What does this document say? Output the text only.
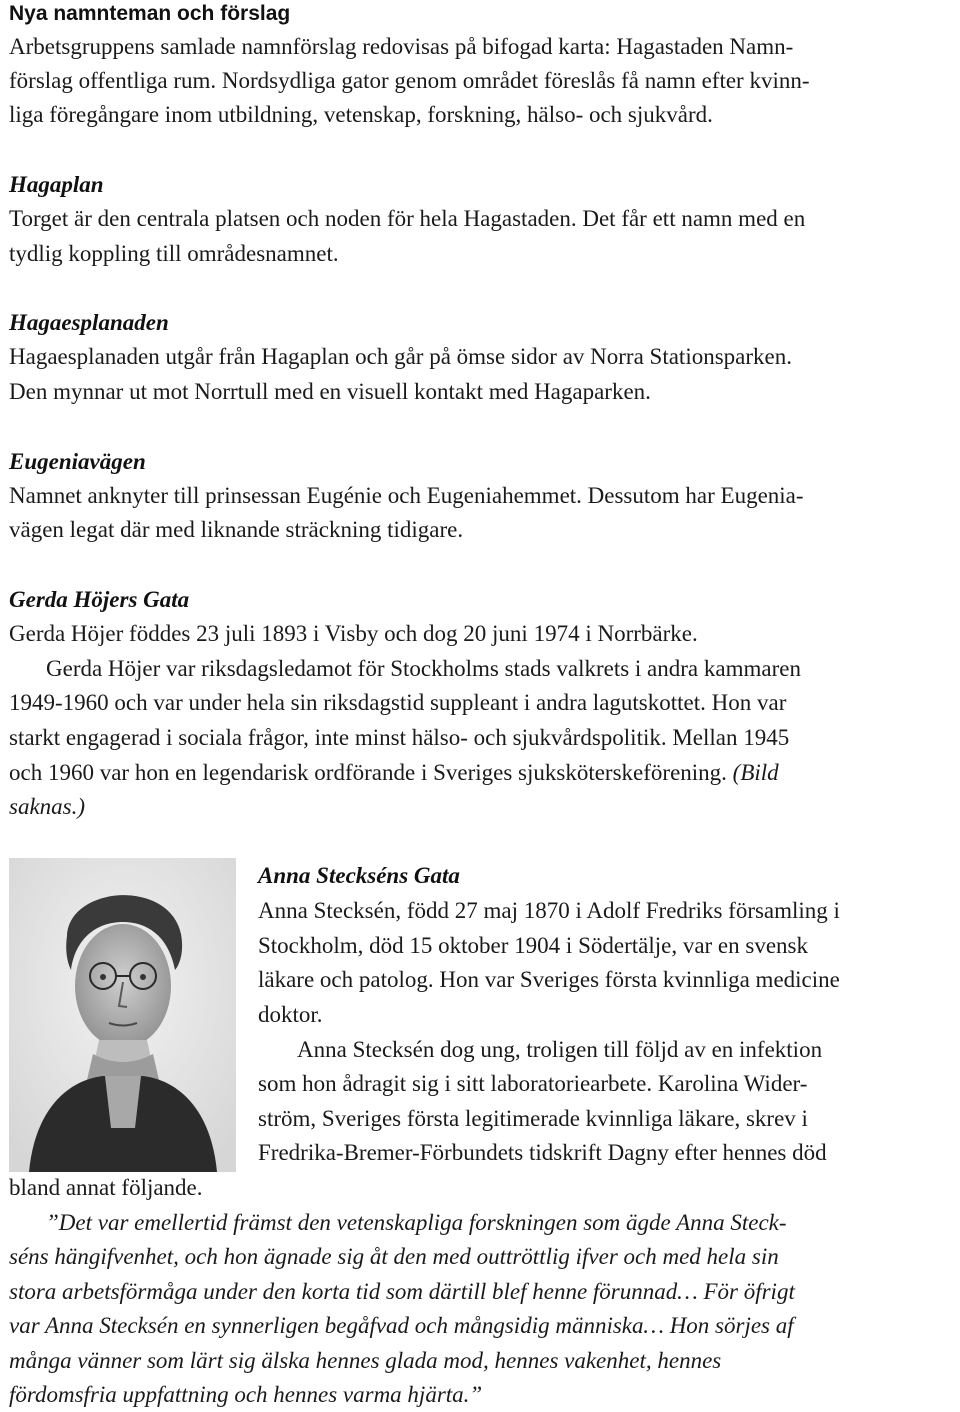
Nya namnteman och förslag
Arbetsgruppens samlade namnförslag redovisas på bifogad karta: Hagastaden Namn-
förslag offentliga rum. Nordsydliga gator genom området föreslås få namn efter kvinn-
liga föregångare inom utbildning, vetenskap, forskning, hälso- och sjukvård.
Hagaplan
Torget är den centrala platsen och noden för hela Hagastaden. Det får ett namn med en
tydlig koppling till områdesnamnet.
Hagaesplanaden
Hagaesplanaden utgår från Hagaplan och går på ömse sidor av Norra Stationsparken.
Den mynnar ut mot Norrtull med en visuell kontakt med Hagaparken.
Eugeniavägen
Namnet anknyter till prinsessan Eugénie och Eugeniahemmet. Dessutom har Eugenia-
vägen legat där med liknande sträckning tidigare.
Gerda Höjers Gata
Gerda Höjer föddes 23 juli 1893 i Visby och dog 20 juni 1974 i Norrbärke.
Gerda Höjer var riksdagsledamot för Stockholms stads valkrets i andra kammaren
1949-1960 och var under hela sin riksdagstid suppleant i andra lagutskottet. Hon var
starkt engagerad i sociala frågor, inte minst hälso- och sjukvårdspolitik. Mellan 1945
och 1960 var hon en legendarisk ordförande i Sveriges sjuksköterskeförening. (Bild
saknas.)
Anna Steckséns Gata
Anna Stecksén, född 27 maj 1870 i Adolf Fredriks församling i
Stockholm, död 15 oktober 1904 i Södertälje, var en svensk
läkare och patolog. Hon var Sveriges första kvinnliga medicine
doktor.
Anna Stecksén dog ung, troligen till följd av en infektion
som hon ådragit sig i sitt laboratoriearbete. Karolina Wider-
ström, Sveriges första legitimerade kvinnliga läkare, skrev i
Fredrika-Bremer-Förbundets tidskrift Dagny efter hennes död
bland annat följande.
”Det var emellertid främst den vetenskapliga forskningen som ägde Anna Steck-
séns hängifvenhet, och hon ägnade sig åt den med outtröttlig ifver och med hela sin
stora arbetsförmåga under den korta tid som därtill blef henne förunnad… För öfrigt
var Anna Stecksén en synnerligen begåfvad och mångsidig människa… Hon sörjes af
många vänner som lärt sig älska hennes glada mod, hennes vakenhet, hennes
fördomsfria uppfattning och hennes varma hjärta.”
